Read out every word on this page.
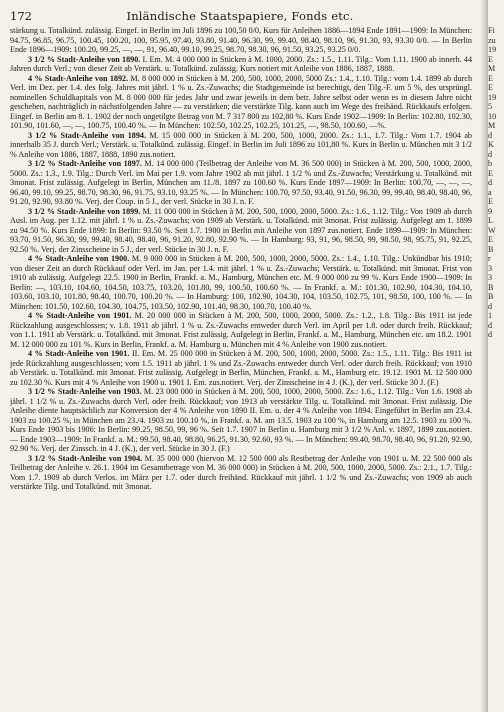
172	Inländische Staatspapiere, Fonds etc.

stärkung u. Totalkünd. zulässig. Eingef. in Berlin im Juli 1896 zu 100,50 0/0, Kurs für Anleihen 1886—1894 Ende 1891—1909: In München: 94.75, 96.85, 96.75, 100.45, 100.20, 100, 95.95, 97.40, 93.80, 91.40, 96.30, 99, 99.40, 98.40, 98.10, 96, 91.30, 93, 93.30 0/0. — In Berlin Ende 1896—1909: 100.20, 99.25, —, —, 91, 96.40, 99.10, 99.25, 98.70, 98.30, 96, 91.50, 93.25, 93.25 0/0.

3 1/2 % Stadt-Anleihe von 1890. I. Em. M. 4 000 000 in Stücken à M. 1000, 2000. Zs.: 1.5., 1.11. Tilg.: Vom 1.11. 1900 ab innerh. 44 Jahren durch Verl.; von dieser Zeit ab Verstärk. u. Totalkünd. zulässig. Kurs notiert mit Anleihe von 1886, 1887, 1888.

4 % Stadt-Anleihe von 1892. M. 8 000 000 in Stücken à M. 200, 500, 1000, 2000, 5000 Zs.: 1.4., 1.10. Tilg.: vom 1.4. 1899 ab durch Verl. im Dez. per 1.4. des folg. Jahres mit jährl. 1 % u. Zs.-Zuwachs; die Stadtgemeinde ist berechtigt, den Tilg.-F. um 5 %, des ursprüngl. nominellen Schuldkapitals von M. 8 000 000 für jedes Jahr und zwar jeweils in dem betr. Jahre selbst oder wenn es in diesem Jahre nicht geschehen, nachträglich in nächstfolgenden Jahre — zu verstärken; die verstärkte Tilg. kann auch im Wege des freihänd. Rückkaufs erfolgen. Eingef. in Berlin am 8. 1. 1902 der noch ungetilgte Betrag von M. 7 317 800 zu 102,80 %. Kurs Ende 1902—1909: In Berlin: 102.80, 102.30, 101.90, 101.60, —, —, 100.75, 100.40 %. — In München: 102.50, 102.25, 102.25, 101.25, —, 98.50, 100.60, —%.

3 1/2 % Stadt-Anleihe von 1894. M. 15 000 000 in Stücken à M. 200, 500, 1000, 2000. Zs.: 1.1., 1.7. Tilg.: Vom 1.7. 1904 ab innerhalb 35 J. durch Verl.; Verstärk. u. Totalkünd. zulässig. Eingef. in Berlin im Juli 1896 zu 101,80 %. Kurs in Berlin u. München mit 3 1/2 % Anleihe von 1886, 1887, 1888, 1890 zus.notiert.

3 1/2 % Stadt-Anleihe von 1897. M. 14 000 000 (Teilbetrag der Anleihe von M. 36 500 000) in Stücken à M. 200, 500, 1000, 2000, 5000. Zs.: 1.3., 1.9. Tilg.: Durch Verl. im Mai per 1.9. vom Jahre 1902 ab mit jährl. 1 1/2 % und Zs.-Zuwachs; Verstärkung u. Totalkünd. mit 3monat. Frist zulässig. Aufgelegt in Berlin, München am 11./8. 1897 zu 100.60 %. Kurs Ende 1897—1909: In Berlin: 100.70, —, —, —, 96.40, 99.10, 99.25, 98.70, 98.30, 96, 91.75, 93.10, 93.25 %. — In München: 100.70, 97.50, 93.40, 91.50, 96.30, 99, 99.40, 98.40, 98.40, 96, 91.20, 92.90, 93.80 %. Verj. der Coup. in 5 J., der verl. Stücke in 30 J. n. F.

3 1/2 % Stadt-Anleihe von 1899. M. 11 000 000 in Stücken à M. 200, 500, 1000, 2000, 5000. Zs.: 1.6., 1.12. Tilg.: Von 1909 ab durch Ausl. im Aug. per 1.12. mit jährl. 1 % u. Zs.-Zuwachs; von 1909 ab Verstärk. u. Totalkünd. mit 3monat. Frist zulässig. Aufgelegt am 1. 1899 zu 94.50 %. Kurs Ende 1899: In Berlin: 93.50 %. Seit 1.7. 1900 in Berlin mit Anleihe von 1897 zus.notiert. Ende 1899—1909: In München: 93.70, 91.50, 96.30, 99, 99.40, 98.40, 98.40, 96, 91.20, 92.80, 92.90 %. — In Hamburg: 93, 91, 96, 98.50, 99, 98.50, 98, 95.75, 91, 92.25, 92.50 %. Verj. der Zinsscheine in 5 J., der verl. Stücke in 30 J. n. F.

4 % Stadt-Anleihe von 1900. M. 9 000 000 in Stücken à M. 200, 500, 1000, 2000, 5000. Zs.: 1.4., 1.10. Tilg.: Unkündbar bis 1910; von dieser Zeit an durch Rückkauf oder Verl. im Jan. per 1.4. mit jährl. 1 % u. Zs.-Zuwachs; Verstärk. u. Totalkünd. mit 3monat. Frist von 1910 ab zulässig. Aufgelegt 22.5. 1900 in Berlin, Frankf. a. M., Hamburg, München etc. M. 9 000 000 zu 99 %. Kurs Ende 1900—1909: In Berlin: —, 103.10, 104.60, 104.50, 103.75, 103.20, 101.80, 99, 100.50, 100.60 %. — In Frankf. a. M.: 101.30, 102.90, 104.30, 104.10, 103.60, 103.10, 101.80, 98.40, 100.70, 100.20 %. — In Hamburg: 100, 102.90, 104.30, 104, 103.50, 102.75, 101, 98.50, 100, 100 %. — In München: 101.50, 102.60, 104.30, 104.75, 103.50, 102.90, 101.40, 98.30, 100.70, 100.40 %.

4 % Stadt-Anleihe von 1901. M. 20 000 000 in Stücken à M. 200, 500, 1000, 2000, 5000. Zs.: 1.2., 1.8. Tilg.: Bis 1911 ist jede Rückzahlung ausgeschlossen; v. 1.8. 1911 ab jährl. 1 % u. Zs.-Zuwachs entweder durch Verl. im April per 1.8. oder durch freih. Rückkauf; von 1.1. 1911 ab Verstärk. u. Totalkünd. mit 3monat. Frist zulässig. Aufgelegt in Berlin, Frankf. a. M., Hamburg, München etc. am 18.2. 1901 M. 12 000 000 zu 101 %. Kurs in Berlin, Frankf. a. M. Hamburg u. München mit 4 % Anleihe von 1900 zus.notiert.

4 % Stadt-Anleihe von 1901. II. Em. M. 25 000 000 in Stücken à M. 200, 500, 1000, 2000, 5000. Zs.: 1.5., 1.11. Tilg.: Bis 1911 ist jede Rückzahlung ausgeschlossen; vom 1.5. 1911 ab jährl. 1 % und Zs.-Zuwachs entweder durch Verl. oder durch freih. Rückkauf; von 1910 ab Verstärk. u. Totalkünd. mit 3monat. Frist zulässig. Aufgelegt in Berlin, München, Frankf. a. M., Hamburg etc. 19.12. 1901 M. 12 500 000 zu 102.30 %. Kurs mit 4 % Anleihe von 1900 u. 1901 I. Em. zus.notiert. Verj. der Zinsscheine in 4 J. (K.), der verl. Stücke 30 J. (F.)

3 1/2 % Stadt-Anleihe von 1903. M. 23 000 000 in Stücken à M. 200, 500, 1000, 2000, 5000. Zs.: 1.6., 1.12. Tilg.: Von 1.6. 1908 ab jährl. 1 1/2 % u. Zs.-Zuwachs durch Verl. oder freih. Rückkauf; von 1913 ab verstärkte Tilg. u. Totalkünd. mit 3monat. Frist zulässig. Die Anleihe diente hauptsächlich zur Konversion der 4 % Anleihe von 1890 II. Em. u. der 4 % Anleihe von 1894. Eingeführt in Berlin am 23.4. 1903 zu 100.25 %, in München am 23./4. 1903 zu 100.10 %, in Frankf. a. M. am 13.5. 1903 zu 100 %, in Hamburg am 12.5. 1903 zu 100 %. Kurs Ende 1903 bis 1906: In Berlin: 99.25, 98.50, 99, 96 %. Seit 1.7. 1907 in Berlin u. Hamburg mit 3 1/2 % Anl. v. 1897, 1899 zus.notiert. — Ende 1903—1909: In Frankf. a. M.: 99.50, 98.40, 98.80, 96.25, 91.30, 92.60, 93 %. — In München: 99.40, 98.70, 98.40, 96, 91.20, 92.90, 92.90 %. Verj. der Zinssch. in 4 J. (K.), der verl. Stücke in 30 J. (F.)

3 1/2 % Stadt-Anleihe von 1904. M. 35 000 000 (hiervon M. 12 500 000 als Restbetrag der Anleihe von 1901 u. M. 22 500 000 als Teilbetrag der Anleihe v. 26.1. 1904 im Gesamtbetrage von M. 36 000 000) in Stücken à M. 200, 500, 1000, 2000, 5000. Zs.: 2.1., 1.7. Tilg.: Vom 1.7. 1909 ab durch Verlos. im März per 1.7. oder durch freihänd. Rückkauf mit jährl. 1 1/2 % und Zs.-Zuwachs; von 1909 ab auch verstärkte Tilg. und Totalkünd. mit 3monat.

Fi
zu
19
E
M
E
E
19
5
10
M
d
K
d
b
E
d
a
E
9
L
W
E
B
r
3
3
B
B
d
1
d
d
